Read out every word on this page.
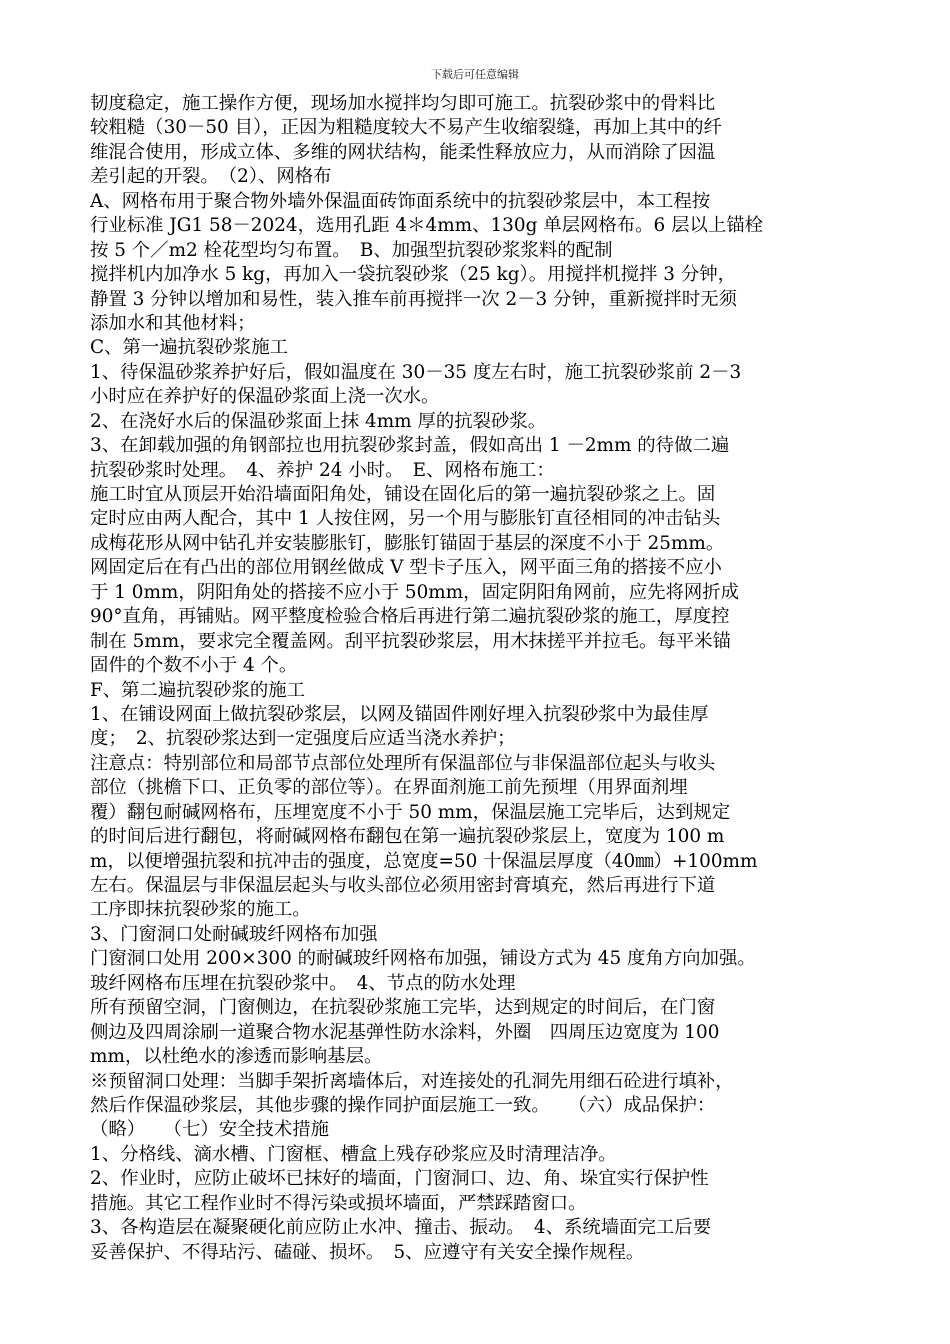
下载后可任意编辑
韧度稳定，施工操作方便，现场加水搅拌均匀即可施工。抗裂砂浆中的骨料比
较粗糙（30－50 目），正因为粗糙度较大不易产生收缩裂缝，再加上其中的纤
维混合使用，形成立体、多维的网状结构，能柔性释放应力，从而消除了因温
差引起的开裂。　（2）、网格布
A、网格布用于聚合物外墙外保温面砖饰面系统中的抗裂砂浆层中，本工程按
行业标准 JG1 58－2024，选用孔距 4＊4mm、130g 单层网格布。6 层以上锚栓
按 5 个／m2 栓花型均匀布置。　B、加强型抗裂砂浆浆料的配制
搅拌机内加净水 5 kg，再加入一袋抗裂砂浆（25 kg）。用搅拌机搅拌 3 分钟，
静置 3 分钟以增加和易性，装入推车前再搅拌一次 2－3 分钟，重新搅拌时无须
添加水和其他材料；
C、第一遍抗裂砂浆施工
1、待保温砂浆养护好后，假如温度在 30－35 度左右时，施工抗裂砂浆前 2－3
小时应在养护好的保温砂浆面上浇一次水。
2、在浇好水后的保温砂浆面上抹 4mm 厚的抗裂砂浆。
3、在卸载加强的角钢部拉也用抗裂砂浆封盖，假如高出 1 －2mm 的待做二遍
抗裂砂浆时处理。　4、养护 24 小时。　E、网格布施工：
施工时宜从顶层开始沿墙面阳角处，铺设在固化后的第一遍抗裂砂浆之上。固
定时应由两人配合，其中 1 人按住网，另一个用与膨胀钉直径相同的冲击钻头
成梅花形从网中钻孔并安装膨胀钉，膨胀钉锚固于基层的深度不小于 25mm。
网固定后在有凸出的部位用钢丝做成 V 型卡子压入，网平面三角的搭接不应小
于 1 0mm，阴阳角处的搭接不应小于 50mm，固定阴阳角网前，应先将网折成
90°直角，再铺贴。网平整度检验合格后再进行第二遍抗裂砂浆的施工，厚度控
制在 5mm，要求完全覆盖网。刮平抗裂砂浆层，用木抹搓平并拉毛。每平米锚
固件的个数不小于 4 个。
F、第二遍抗裂砂浆的施工
1、在铺设网面上做抗裂砂浆层，以网及锚固件刚好埋入抗裂砂浆中为最佳厚
度；　2、抗裂砂浆达到一定强度后应适当浇水养护；
注意点：特别部位和局部节点部位处理所有保温部位与非保温部位起头与收头
部位（挑檐下口、正负零的部位等）。在界面剂施工前先预埋（用界面剂埋
覆）翻包耐碱网格布，压埋宽度不小于 50 mm，保温层施工完毕后，达到规定
的时间后进行翻包，将耐碱网格布翻包在第一遍抗裂砂浆层上，宽度为 100 m
m，以便增强抗裂和抗冲击的强度，总宽度=50 十保温层厚度（40㎜）+100mm
左右。保温层与非保温层起头与收头部位必须用密封膏填充，然后再进行下道
工序即抹抗裂砂浆的施工。
3、门窗洞口处耐碱玻纤网格布加强
门窗洞口处用 200×300 的耐碱玻纤网格布加强，铺设方式为 45 度角方向加强。
玻纤网格布压埋在抗裂砂浆中。　4、节点的防水处理
所有预留空洞，门窗侧边，在抗裂砂浆施工完毕，达到规定的时间后，在门窗
侧边及四周涂刷一道聚合物水泥基弹性防水涂料，外圈　四周压边宽度为 100
mm，以杜绝水的渗透而影响基层。
※预留洞口处理：当脚手架折离墙体后，对连接处的孔洞先用细石砼进行填补，
然后作保温砂浆层，其他步骤的操作同护面层施工一致。　　（六）成品保护：
（略）　　（七）安全技术措施
1、分格线、滴水槽、门窗框、槽盒上残存砂浆应及时清理洁净。
2、作业时，应防止破坏已抹好的墙面，门窗洞口、边、角、垛宜实行保护性
措施。其它工程作业时不得污染或损坏墙面，严禁踩踏窗口。
3、各构造层在凝聚硬化前应防止水冲、撞击、振动。　4、系统墙面完工后要
妥善保护、不得玷污、磕碰、损坏。　5、应遵守有关安全操作规程。
